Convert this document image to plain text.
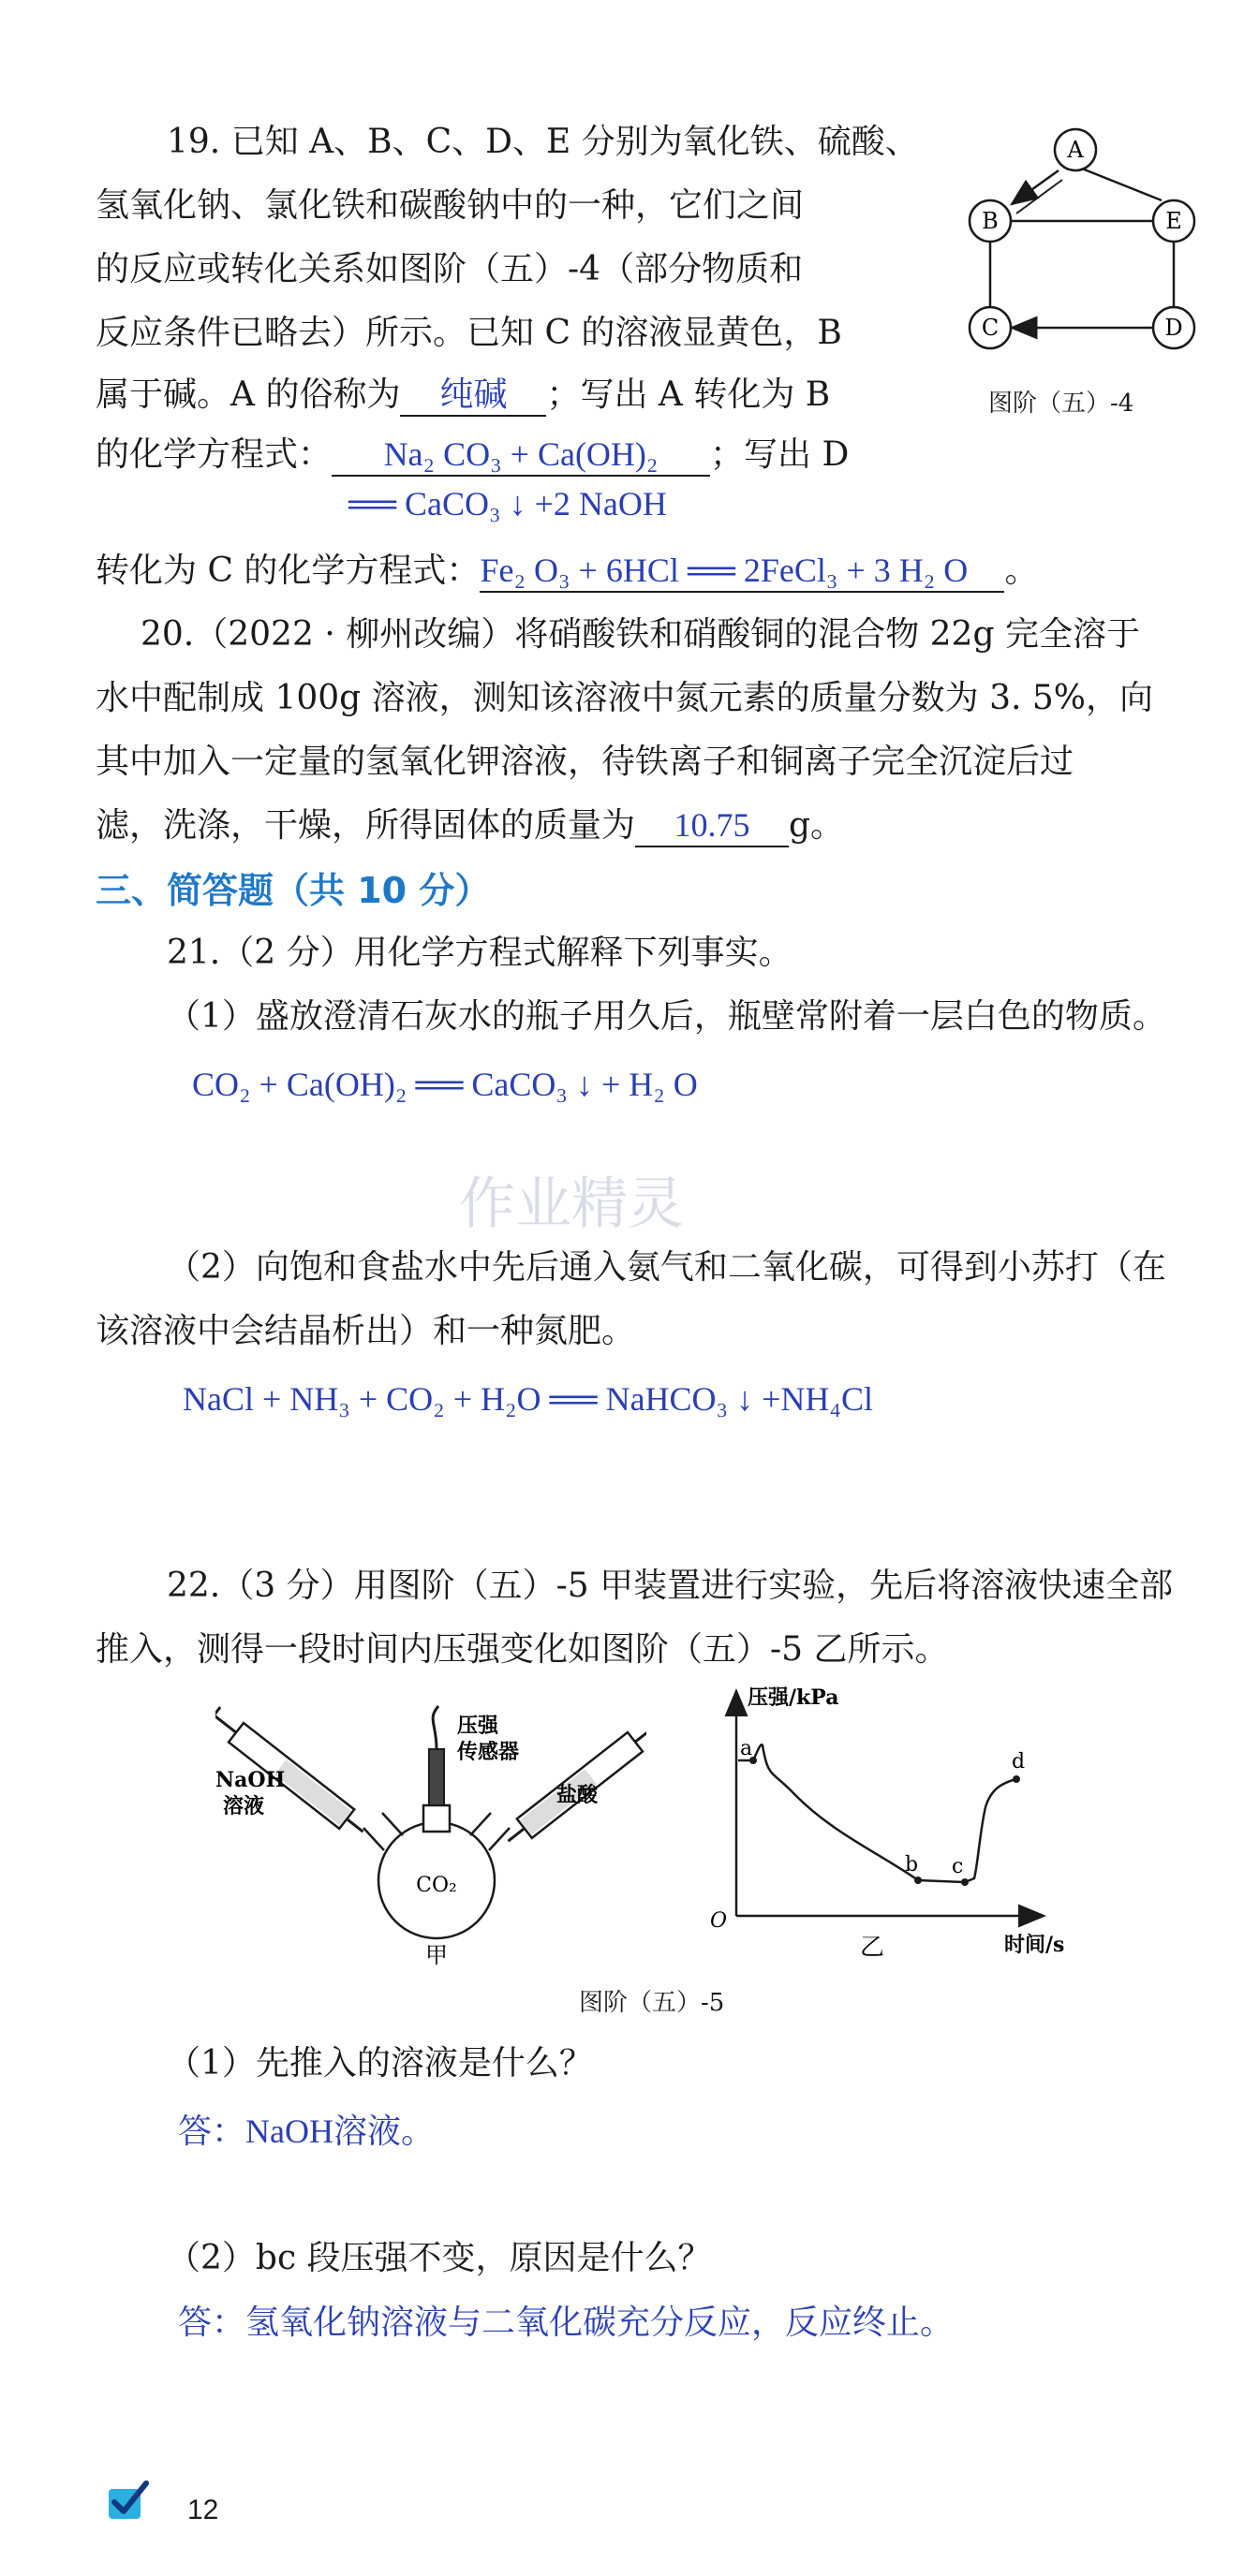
19. 已知 A、B、C、D、E 分别为氧化铁、硫酸、
氢氧化钠、氯化铁和碳酸钠中的一种，它们之间
的反应或转化关系如图阶（五）-4（部分物质和
反应条件已略去）所示。已知 C 的溶液显黄色，B
属于碱。A 的俗称为 纯碱 ；写出 A 转化为 B
的化学方程式： Na₂ CO₃ + Ca(OH)₂ ；写出 D
══ CaCO₃ ↓ +2 NaOH
转化为 C 的化学方程式：Fe₂ O₃ + 6HCl ══ 2FeCl₃ + 3 H₂ O 。
A
B	E
C	D
图阶（五）-4
20.（2022 · 柳州改编）将硝酸铁和硝酸铜的混合物 22g 完全溶于
水中配制成 100g 溶液，测知该溶液中氮元素的质量分数为 3. 5%，向
其中加入一定量的氢氧化钾溶液，待铁离子和铜离子完全沉淀后过
滤，洗涤，干燥，所得固体的质量为 10.75 g。
三、简答题（共 10 分）
21.（2 分）用化学方程式解释下列事实。
（1）盛放澄清石灰水的瓶子用久后，瓶壁常附着一层白色的物质。
CO₂ + Ca(OH)₂ ══ CaCO₃ ↓ + H₂ O
作业精灵
（2）向饱和食盐水中先后通入氨气和二氧化碳，可得到小苏打（在
该溶液中会结晶析出）和一种氮肥。
NaCl + NH₃ + CO₂ + H₂O ══ NaHCO₃ ↓ +NH₄Cl
22.（3 分）用图阶（五）-5 甲装置进行实验，先后将溶液快速全部
推入，测得一段时间内压强变化如图阶（五）-5 乙所示。
CO₂
NaOH
溶液
压强
传感器
盐酸
甲
压强/kPa
时间/s
O
a
b c
d
乙
图阶（五）-5
（1）先推入的溶液是什么？
答：NaOH溶液。
（2）bc 段压强不变，原因是什么？
答：氢氧化钠溶液与二氧化碳充分反应，反应终止。
12
